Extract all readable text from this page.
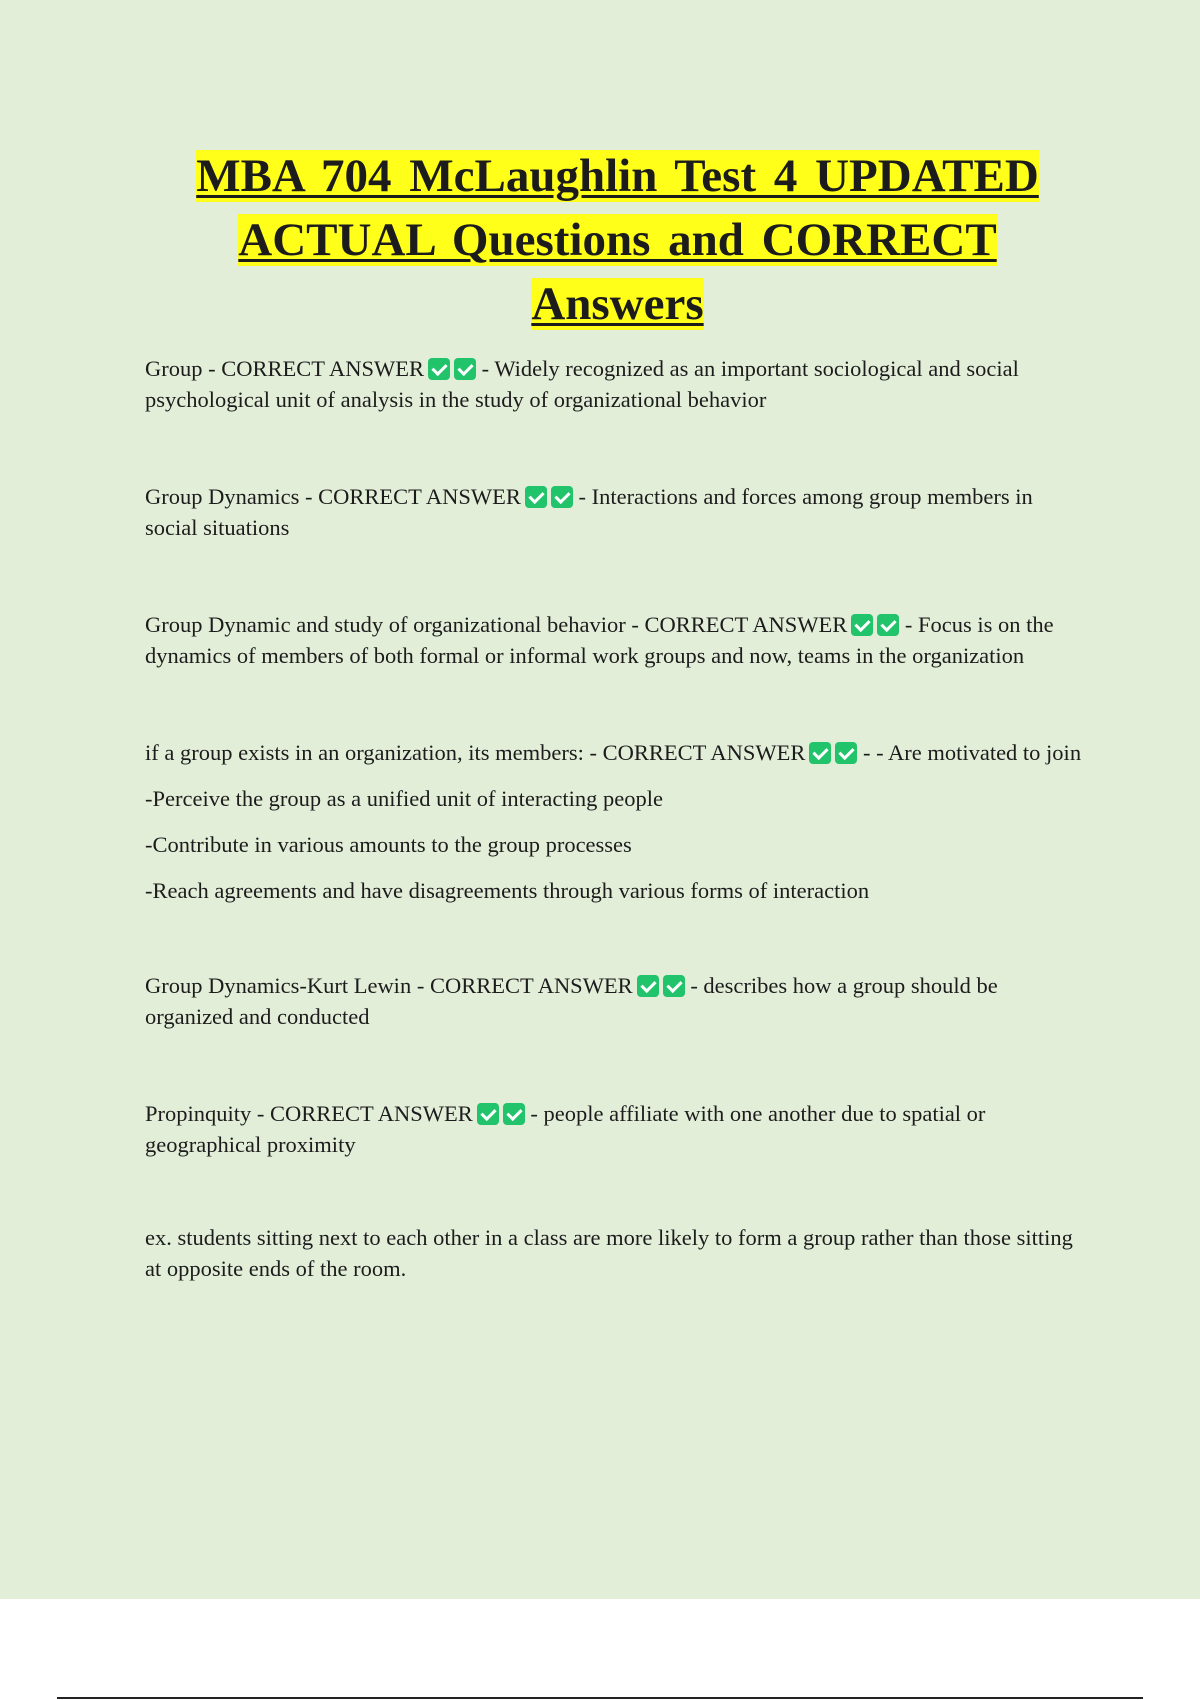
MBA 704 McLaughlin Test 4 UPDATED
ACTUAL Questions and CORRECT
Answers

Group - CORRECT ANSWER - Widely recognized as an important sociological and social psychological unit of analysis in the study of organizational behavior

Group Dynamics - CORRECT ANSWER - Interactions and forces among group members in social situations

Group Dynamic and study of organizational behavior - CORRECT ANSWER - Focus is on the dynamics of members of both formal or informal work groups and now, teams in the organization

if a group exists in an organization, its members: - CORRECT ANSWER - - Are motivated to join

-Perceive the group as a unified unit of interacting people

-Contribute in various amounts to the group processes

-Reach agreements and have disagreements through various forms of interaction

Group Dynamics-Kurt Lewin - CORRECT ANSWER - describes how a group should be organized and conducted

Propinquity - CORRECT ANSWER - people affiliate with one another due to spatial or geographical proximity

ex. students sitting next to each other in a class are more likely to form a group rather than those sitting at opposite ends of the room.
